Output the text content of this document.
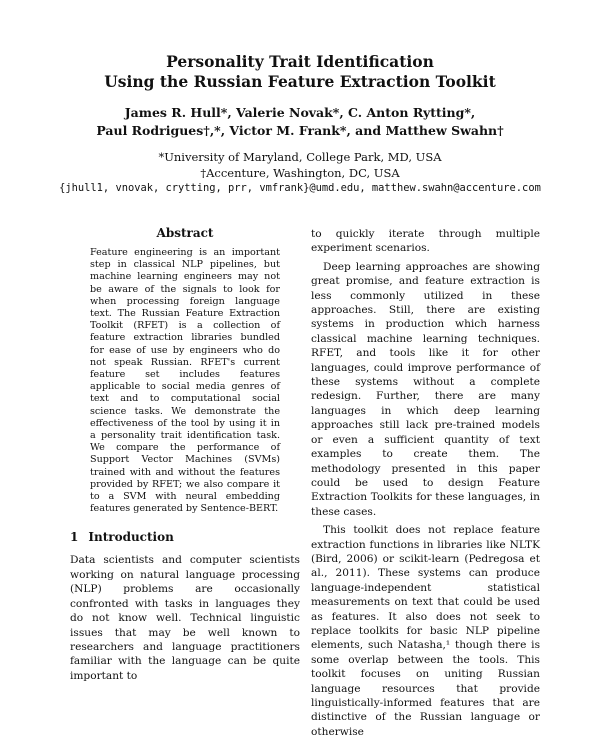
Personality Trait Identification
Using the Russian Feature Extraction Toolkit

James R. Hull*, Valerie Novak*, C. Anton Rytting*,
Paul Rodrigues†,*, Victor M. Frank*, and Matthew Swahn†
*University of Maryland, College Park, MD, USA
†Accenture, Washington, DC, USA
{jhull1, vnovak, crytting, prr, vmfrank}@umd.edu, matthew.swahn@accenture.com
Abstract

Feature engineering is an important step in classical NLP pipelines, but machine learning engineers may not be aware of the signals to look for when processing foreign language text. The Russian Feature Extraction Toolkit (RFET) is a collection of feature extraction libraries bundled for ease of use by engineers who do not speak Russian. RFET's current feature set includes features applicable to social media genres of text and to computational social science tasks. We demonstrate the effectiveness of the tool by using it in a personality trait identification task. We compare the performance of Support Vector Machines (SVMs) trained with and without the features provided by RFET; we also compare it to a SVM with neural embedding features generated by Sentence-BERT.

1 Introduction

Data scientists and computer scientists working on natural language processing (NLP) problems are occasionally confronted with tasks in languages they do not know well. Technical linguistic issues that may be well known to researchers and language practitioners familiar with the language can be quite important to

to quickly iterate through multiple experiment scenarios.

Deep learning approaches are showing great promise, and feature extraction is less commonly utilized in these approaches. Still, there are existing systems in production which harness classical machine learning techniques. RFET, and tools like it for other languages, could improve performance of these systems without a complete redesign. Further, there are many languages in which deep learning approaches still lack pre-trained models or even a sufficient quantity of text examples to create them. The methodology presented in this paper could be used to design Feature Extraction Toolkits for these languages, in these cases.

This toolkit does not replace feature extraction functions in libraries like NLTK (Bird, 2006) or scikit-learn (Pedregosa et al., 2011). These systems can produce language-independent statistical measurements on text that could be used as features. It also does not seek to replace toolkits for basic NLP pipeline elements, such Natasha,¹ though there is some overlap between the tools. This toolkit focuses on uniting Russian language resources that provide linguistically-informed features that are distinctive of the Russian language or otherwise
